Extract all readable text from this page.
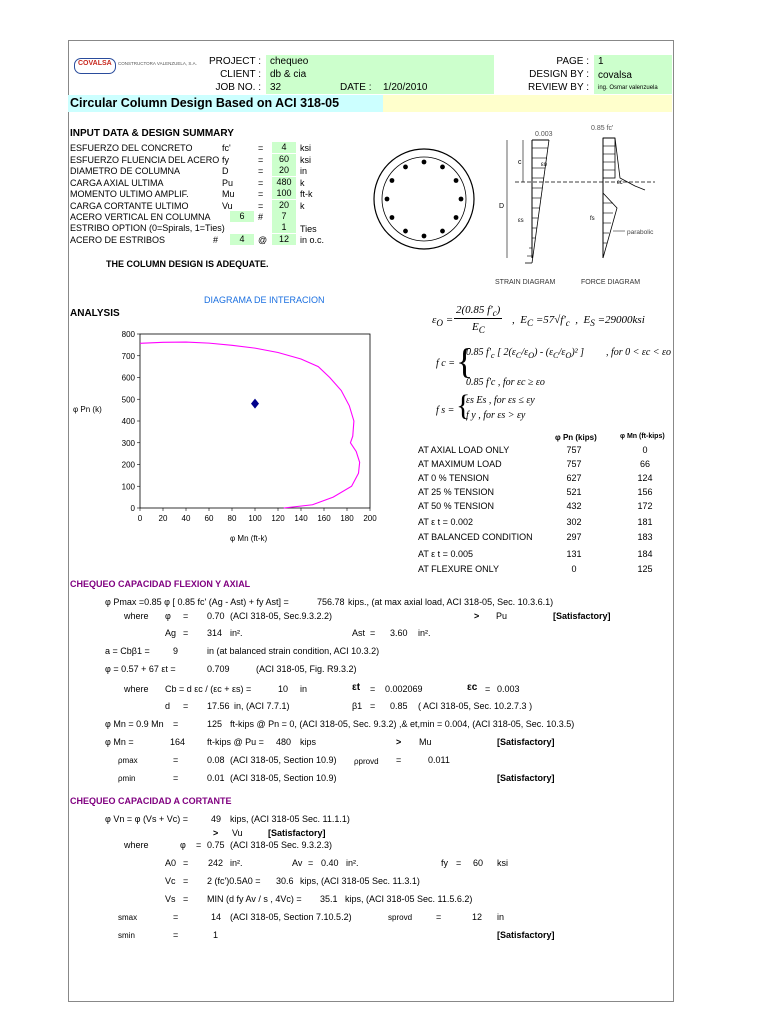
COVALSA CONSTRUCTORA VALENZUELA, S.A. PROJECT : chequeo
CLIENT : db & cia
JOB NO. : 32	DATE : 1/20/2010
PAGE : 1
DESIGN BY : covalsa
REVIEW BY : ing. Osmar valenzuela
Circular Column Design Based on ACI 318-05
INPUT DATA & DESIGN SUMMARY
ESFUERZO DEL CONCRETO	fc'	=	4	ksi
ESFUERZO FLUENCIA DEL ACERO fy	=	60	ksi
DIAMETRO DE COLUMNA	D	=	20	in
CARGA AXIAL ULTIMA	Pu	=	480 k
MOMENTO ULTIMO AMPLIF.	Mu	=	100 ft-k
CARGA CORTANTE ULTIMO	Vu	=	20	k
ACERO VERTICAL EN COLUMNA	6	#	7
ESTRIBO OPTION (0=Spirals, 1=Ties)	1	Ties
ACERO DE ESTRIBOS	#	4	@	12	in o.c.
THE COLUMN DESIGN IS ADEQUATE.
c
D
0.003
0.85 fc'
εs
εo
εc
fs
parabolic
STRAIN DIAGRAM	FORCE DIAGRAM
DIAGRAMA DE INTERACION
ANALYSIS
φ Pn (k)
0
100
200
300
400
500
600
700
800
0 20 40 60 80 100 120 140 160 180 200
φ Mn (ft-k)
$\varepsilon_O$ =
2(0.85 $f'_c$)
$E_C$
,  $E_C =57√f'_c$  ,  $E_S =29000ksi$
f c = {
0.85 $f'_c$ [ $2(\varepsilon_C/\varepsilon_O) - (\varepsilon_C/\varepsilon_O)^2$ ] , for 0 < εc < εo
0.85 f'c , for εc ≥ εo
f s = {
εs Es , for εs ≤ εy
f y , for εs > εy
φ Pn (kips)	φ Mn (ft-kips)
AT AXIAL LOAD ONLY	757	0
AT MAXIMUM LOAD	757	66
AT 0 % TENSION	627	124
AT 25 % TENSION	521	156
AT 50 % TENSION	432	172
AT ε t = 0.002	302	181
AT BALANCED CONDITION	297	183
AT ε t = 0.005	131	184
AT FLEXURE ONLY	0	125
CHEQUEO CAPACIDAD FLEXION Y AXIAL
φ Pmax =0.85 φ [ 0.85 fc' (Ag - Ast) + fy Ast] =	756.78 kips., (at max axial load, ACI 318-05, Sec. 10.3.6.1)
where φ = 0.70 (ACI 318-05, Sec.9.3.2.2)	> Pu	[Satisfactory]
Ag = 314 in².	Ast = 3.60 in².
a = Cbβ1 =	9	in (at balanced strain condition, ACI 10.3.2)
φ = 0.57 + 67 εt =	0.709	(ACI 318-05, Fig. R9.3.2)
where Cb = d εc / (εc + εs) =	10 in	εt = 0.002069	εc = 0.003
d = 17.56 in, (ACI 7.7.1)	β1 = 0.85 ( ACI 318-05, Sec. 10.2.7.3 )
φ Mn = 0.9 Mn =	125 ft-kips @ Pn = 0, (ACI 318-05, Sec. 9.3.2) ,& et,min = 0.004, (ACI 318-05, Sec. 10.3.5)
φ Mn =	164 ft-kips @ Pu = 480 kips	> Mu	[Satisfactory]
ρmax	=	0.08 (ACI 318-05, Section 10.9) ρprovd =	0.011
ρmin	=	0.01 (ACI 318-05, Section 10.9)	[Satisfactory]
CHEQUEO CAPACIDAD A CORTANTE
φ Vn = φ (Vs + Vc) =	49 kips, (ACI 318-05 Sec. 11.1.1)
> Vu	[Satisfactory]
where	φ = 0.75 (ACI 318-05 Sec. 9.3.2.3)
A0 = 242 in².	Av = 0.40 in².	fy = 60 ksi
Vc = 2 (fc')0.5A0 = 30.6 kips, (ACI 318-05 Sec. 11.3.1)
Vs = MIN (d fy Av / s , 4Vc) = 35.1 kips, (ACI 318-05 Sec. 11.5.6.2)
smax	=	14 (ACI 318-05, Section 7.10.5.2)	sprovd	=	12 in
smin	=	1	[Satisfactory]
